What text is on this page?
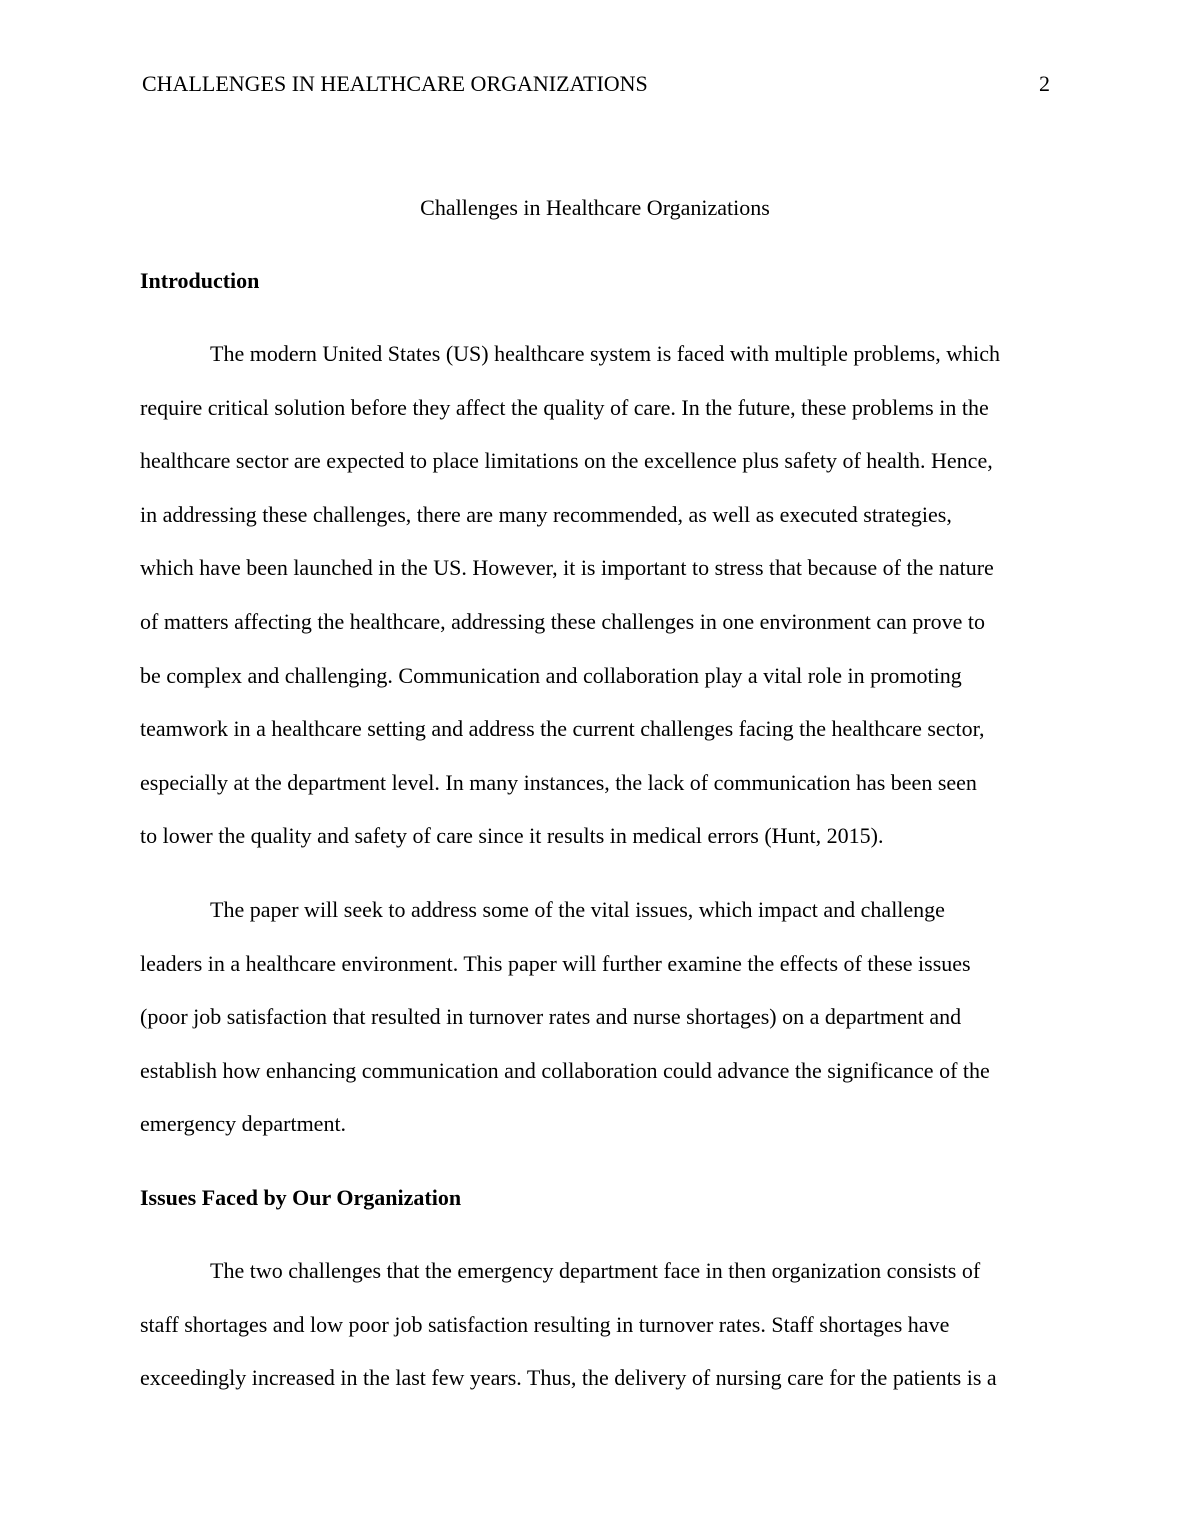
CHALLENGES IN HEALTHCARE ORGANIZATIONS	2
Challenges in Healthcare Organizations
Introduction
The modern United States (US) healthcare system is faced with multiple problems, which
require critical solution before they affect the quality of care. In the future, these problems in the
healthcare sector are expected to place limitations on the excellence plus safety of health. Hence,
in addressing these challenges, there are many recommended, as well as executed strategies,
which have been launched in the US. However, it is important to stress that because of the nature
of matters affecting the healthcare, addressing these challenges in one environment can prove to
be complex and challenging. Communication and collaboration play a vital role in promoting
teamwork in a healthcare setting and address the current challenges facing the healthcare sector,
especially at the department level. In many instances, the lack of communication has been seen
to lower the quality and safety of care since it results in medical errors (Hunt, 2015).
The paper will seek to address some of the vital issues, which impact and challenge
leaders in a healthcare environment. This paper will further examine the effects of these issues
(poor job satisfaction that resulted in turnover rates and nurse shortages) on a department and
establish how enhancing communication and collaboration could advance the significance of the
emergency department.
Issues Faced by Our Organization
The two challenges that the emergency department face in then organization consists of
staff shortages and low poor job satisfaction resulting in turnover rates. Staff shortages have
exceedingly increased in the last few years. Thus, the delivery of nursing care for the patients is a
